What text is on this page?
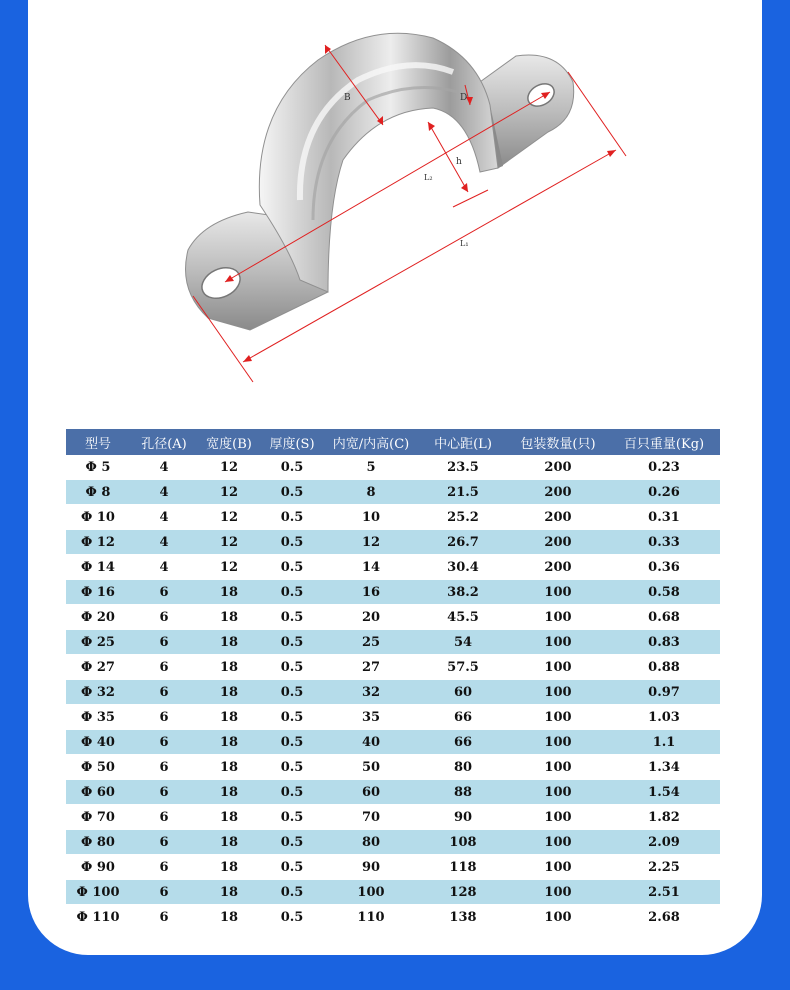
B	D
h
L₂
L₁
型号	孔径(A)	宽度(B)	厚度(S)	内宽/内高(C)	中心距(L)	包装数量(只)	百只重量(Kg)
Φ 5	4	12	0.5	5	23.5	200	0.23
Φ 8	4	12	0.5	8	21.5	200	0.26
Φ 10	4	12	0.5	10	25.2	200	0.31
Φ 12	4	12	0.5	12	26.7	200	0.33
Φ 14	4	12	0.5	14	30.4	200	0.36
Φ 16	6	18	0.5	16	38.2	100	0.58
Φ 20	6	18	0.5	20	45.5	100	0.68
Φ 25	6	18	0.5	25	54	100	0.83
Φ 27	6	18	0.5	27	57.5	100	0.88
Φ 32	6	18	0.5	32	60	100	0.97
Φ 35	6	18	0.5	35	66	100	1.03
Φ 40	6	18	0.5	40	66	100	1.1
Φ 50	6	18	0.5	50	80	100	1.34
Φ 60	6	18	0.5	60	88	100	1.54
Φ 70	6	18	0.5	70	90	100	1.82
Φ 80	6	18	0.5	80	108	100	2.09
Φ 90	6	18	0.5	90	118	100	2.25
Φ 100	6	18	0.5	100	128	100	2.51
Φ 110	6	18	0.5	110	138	100	2.68
